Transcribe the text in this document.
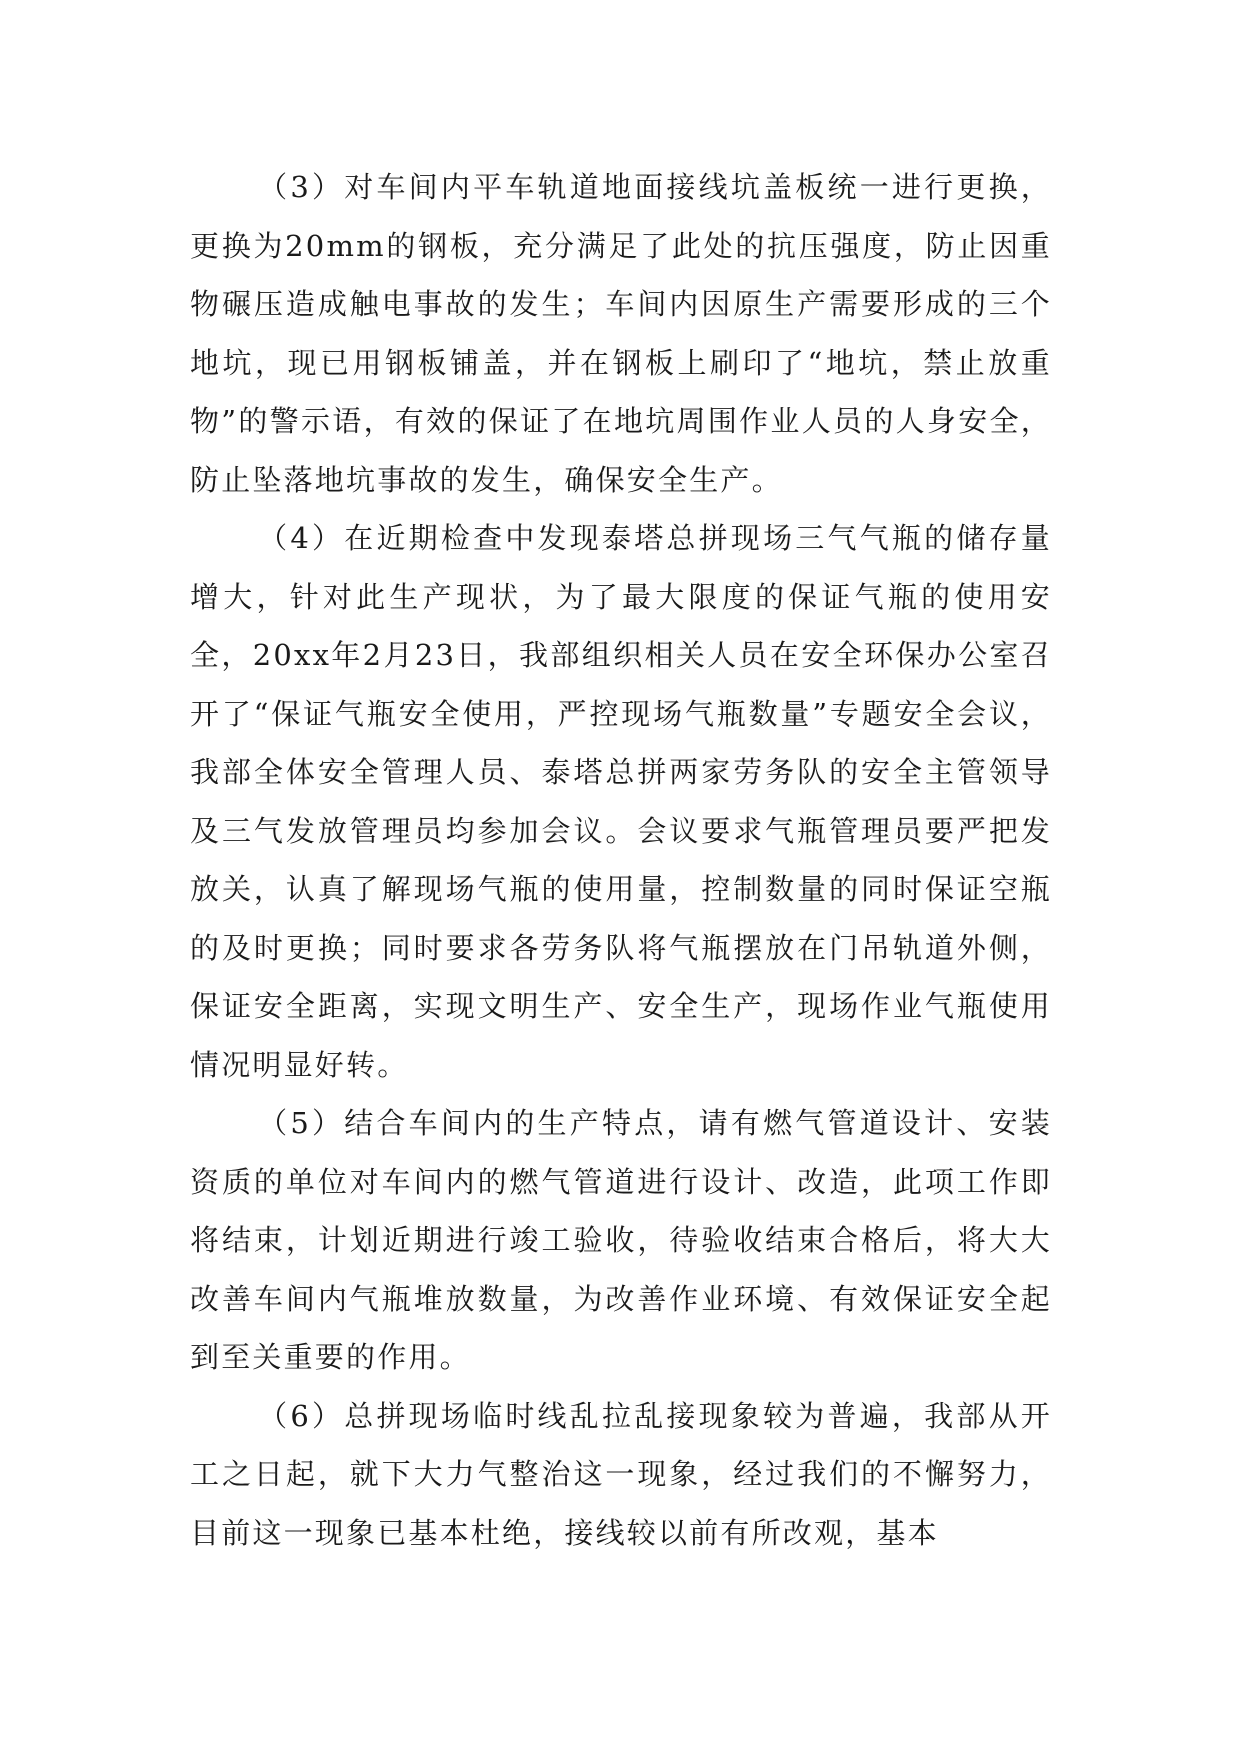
（3）对车间内平车轨道地面接线坑盖板统一进行更换，更换为20mm的钢板，充分满足了此处的抗压强度，防止因重物碾压造成触电事故的发生；车间内因原生产需要形成的三个地坑，现已用钢板铺盖，并在钢板上刷印了“地坑，禁止放重物”的警示语，有效的保证了在地坑周围作业人员的人身安全，防止坠落地坑事故的发生，确保安全生产。

（4）在近期检查中发现泰塔总拼现场三气气瓶的储存量增大，针对此生产现状，为了最大限度的保证气瓶的使用安全，20xx年2月23日，我部组织相关人员在安全环保办公室召开了“保证气瓶安全使用，严控现场气瓶数量”专题安全会议，我部全体安全管理人员、泰塔总拼两家劳务队的安全主管领导及三气发放管理员均参加会议。会议要求气瓶管理员要严把发放关，认真了解现场气瓶的使用量，控制数量的同时保证空瓶的及时更换；同时要求各劳务队将气瓶摆放在门吊轨道外侧，保证安全距离，实现文明生产、安全生产，现场作业气瓶使用情况明显好转。

（5）结合车间内的生产特点，请有燃气管道设计、安装资质的单位对车间内的燃气管道进行设计、改造，此项工作即将结束，计划近期进行竣工验收，待验收结束合格后，将大大改善车间内气瓶堆放数量，为改善作业环境、有效保证安全起到至关重要的作用。

（6）总拼现场临时线乱拉乱接现象较为普遍，我部从开工之日起，就下大力气整治这一现象，经过我们的不懈努力，目前这一现象已基本杜绝，接线较以前有所改观，基本
